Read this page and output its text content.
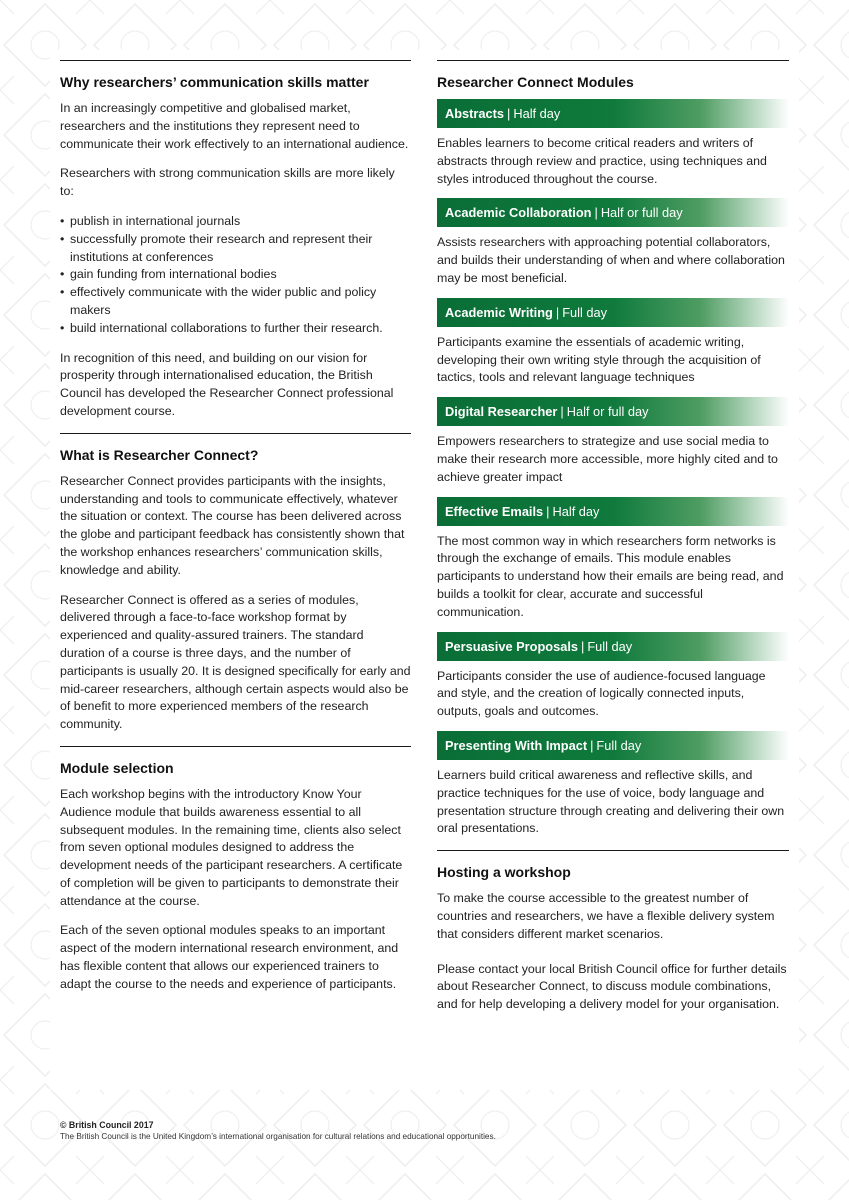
Why researchers’ communication skills matter

In an increasingly competitive and globalised market, researchers and the institutions they represent need to communicate their work effectively to an international audience.

Researchers with strong communication skills are more likely to:

• publish in international journals
• successfully promote their research and represent their institutions at conferences
• gain funding from international bodies
• effectively communicate with the wider public and policy makers
• build international collaborations to further their research.

In recognition of this need, and building on our vision for prosperity through internationalised education, the British Council has developed the Researcher Connect professional development course.

What is Researcher Connect?

Researcher Connect provides participants with the insights, understanding and tools to communicate effectively, whatever the situation or context. The course has been delivered across the globe and participant feedback has consistently shown that the workshop enhances researchers’ communication skills, knowledge and ability.

Researcher Connect is offered as a series of modules, delivered through a face-to-face workshop format by experienced and quality-assured trainers. The standard duration of a course is three days, and the number of participants is usually 20. It is designed specifically for early and mid-career researchers, although certain aspects would also be of benefit to more experienced members of the research community.

Module selection

Each workshop begins with the introductory Know Your Audience module that builds awareness essential to all subsequent modules. In the remaining time, clients also select from seven optional modules designed to address the development needs of the participant researchers. A certificate of completion will be given to participants to demonstrate their attendance at the course.

Each of the seven optional modules speaks to an important aspect of the modern international research environment, and has flexible content that allows our experienced trainers to adapt the course to the needs and experience of participants.

Researcher Connect Modules
Abstracts | Half day

Enables learners to become critical readers and writers of abstracts through review and practice, using techniques and styles introduced throughout the course.

Academic Collaboration | Half or full day

Assists researchers with approaching potential collaborators, and builds their understanding of when and where collaboration may be most beneficial.

Academic Writing | Full day

Participants examine the essentials of academic writing, developing their own writing style through the acquisition of tactics, tools and relevant language techniques

Digital Researcher | Half or full day

Empowers researchers to strategize and use social media to make their research more accessible, more highly cited and to achieve greater impact

Effective Emails | Half day

The most common way in which researchers form networks is through the exchange of emails. This module enables participants to understand how their emails are being read, and builds a toolkit for clear, accurate and successful communication.

Persuasive Proposals | Full day

Participants consider the use of audience-focused language and style, and the creation of logically connected inputs, outputs, goals and outcomes.

Presenting With Impact | Full day

Learners build critical awareness and reflective skills, and practice techniques for the use of voice, body language and presentation structure through creating and delivering their own oral presentations.

Hosting a workshop

To make the course accessible to the greatest number of countries and researchers, we have a flexible delivery system that considers different market scenarios.

Please contact your local British Council office for further details about Researcher Connect, to discuss module combinations, and for help developing a delivery model for your organisation.

© British Council 2017
The British Council is the United Kingdom’s international organisation for cultural relations and educational opportunities.
